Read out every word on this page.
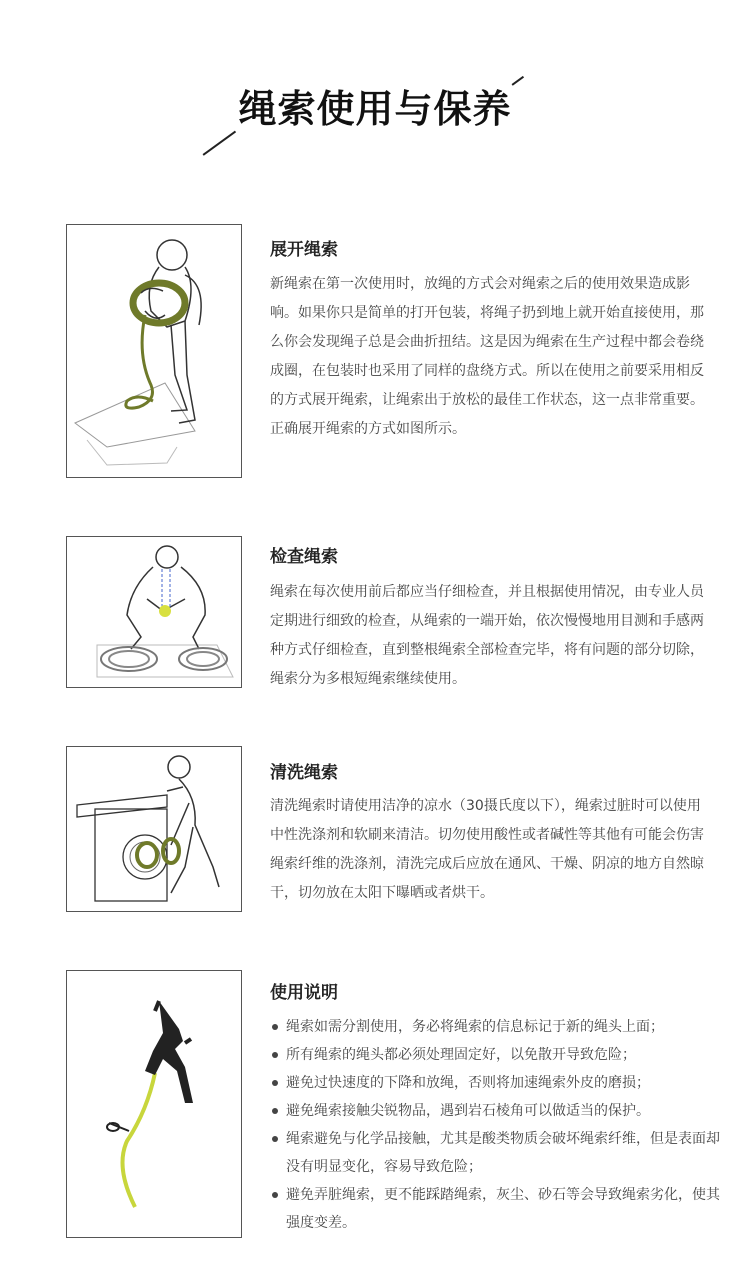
绳索使用与保养
展开绳索
新绳索在第一次使用时，放绳的方式会对绳索之后的使用效果造成影响。如果你只是简单的打开包装，将绳子扔到地上就开始直接使用，那么你会发现绳子总是会曲折扭结。这是因为绳索在生产过程中都会卷绕成圈，在包装时也采用了同样的盘绕方式。所以在使用之前要采用相反的方式展开绳索，让绳索出于放松的最佳工作状态，这一点非常重要。
正确展开绳索的方式如图所示。
检查绳索
绳索在每次使用前后都应当仔细检查，并且根据使用情况，由专业人员定期进行细致的检查，从绳索的一端开始，依次慢慢地用目测和手感两种方式仔细检查，直到整根绳索全部检查完毕，将有问题的部分切除，绳索分为多根短绳索继续使用。
清洗绳索
清洗绳索时请使用洁净的凉水（30摄氏度以下），绳索过脏时可以使用中性洗涤剂和软刷来清洁。切勿使用酸性或者碱性等其他有可能会伤害绳索纤维的洗涤剂，清洗完成后应放在通风、干燥、阴凉的地方自然晾干，切勿放在太阳下曝晒或者烘干。
使用说明
绳索如需分割使用，务必将绳索的信息标记于新的绳头上面；
所有绳索的绳头都必须处理固定好，以免散开导致危险；
避免过快速度的下降和放绳，否则将加速绳索外皮的磨损；
避免绳索接触尖锐物品，遇到岩石棱角可以做适当的保护。
绳索避免与化学品接触，尤其是酸类物质会破坏绳索纤维，但是表面却没有明显变化，容易导致危险；
避免弄脏绳索，更不能踩踏绳索，灰尘、砂石等会导致绳索劣化，使其强度变差。
